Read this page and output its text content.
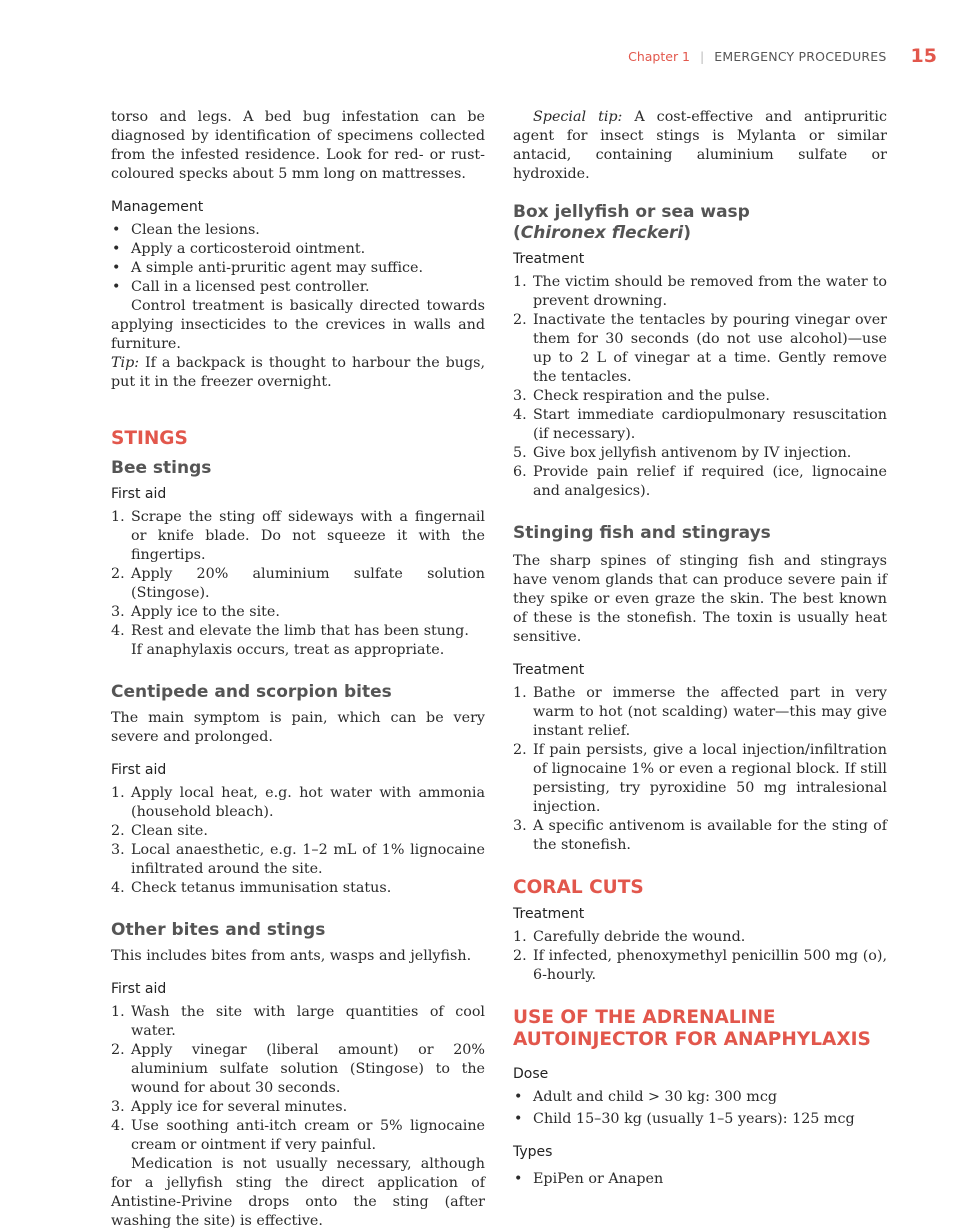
Chapter 1 | EMERGENCY PROCEDURES 15

torso and legs. A bed bug infestation can be diagnosed by identification of specimens collected from the infested residence. Look for red- or rust-coloured specks about 5 mm long on mattresses.

Management
• Clean the lesions.
• Apply a corticosteroid ointment.
• A simple anti-pruritic agent may suffice.
• Call in a licensed pest controller.

Control treatment is basically directed towards applying insecticides to the crevices in walls and furniture.

Tip: If a backpack is thought to harbour the bugs, put it in the freezer overnight.

STINGS
Bee stings
First aid
1. Scrape the sting off sideways with a fingernail or knife blade. Do not squeeze it with the fingertips.
2. Apply 20% aluminium sulfate solution (Stingose).
3. Apply ice to the site.
4. Rest and elevate the limb that has been stung.

If anaphylaxis occurs, treat as appropriate.

Centipede and scorpion bites

The main symptom is pain, which can be very severe and prolonged.

First aid
1. Apply local heat, e.g. hot water with ammonia (household bleach).
2. Clean site.
3. Local anaesthetic, e.g. 1–2 mL of 1% lignocaine infiltrated around the site.
4. Check tetanus immunisation status.
Other bites and stings

This includes bites from ants, wasps and jellyfish.

First aid
1. Wash the site with large quantities of cool water.
2. Apply vinegar (liberal amount) or 20% aluminium sulfate solution (Stingose) to the wound for about 30 seconds.
3. Apply ice for several minutes.
4. Use soothing anti-itch cream or 5% lignocaine cream or ointment if very painful.

Medication is not usually necessary, although for a jellyfish sting the direct application of Antistine-Privine drops onto the sting (after washing the site) is effective.

Special tip: A cost-effective and antipruritic agent for insect stings is Mylanta or similar antacid, containing aluminium sulfate or hydroxide.

Box jellyfish or sea wasp
(Chironex fleckeri)
Treatment
1. The victim should be removed from the water to prevent drowning.
2. Inactivate the tentacles by pouring vinegar over them for 30 seconds (do not use alcohol)—use up to 2 L of vinegar at a time. Gently remove the tentacles.
3. Check respiration and the pulse.
4. Start immediate cardiopulmonary resuscitation (if necessary).
5. Give box jellyfish antivenom by IV injection.
6. Provide pain relief if required (ice, lignocaine and analgesics).
Stinging fish and stingrays

The sharp spines of stinging fish and stingrays have venom glands that can produce severe pain if they spike or even graze the skin. The best known of these is the stonefish. The toxin is usually heat sensitive.

Treatment
1. Bathe or immerse the affected part in very warm to hot (not scalding) water—this may give instant relief.
2. If pain persists, give a local injection/infiltration of lignocaine 1% or even a regional block. If still persisting, try pyroxidine 50 mg intralesional injection.
3. A specific antivenom is available for the sting of the stonefish.
CORAL CUTS
Treatment
1. Carefully debride the wound.
2. If infected, phenoxymethyl penicillin 500 mg (o), 6-hourly.
USE OF THE ADRENALINE
AUTOINJECTOR FOR ANAPHYLAXIS
Dose
• Adult and child > 30 kg: 300 mcg
• Child 15–30 kg (usually 1–5 years): 125 mcg
Types
• EpiPen or Anapen
